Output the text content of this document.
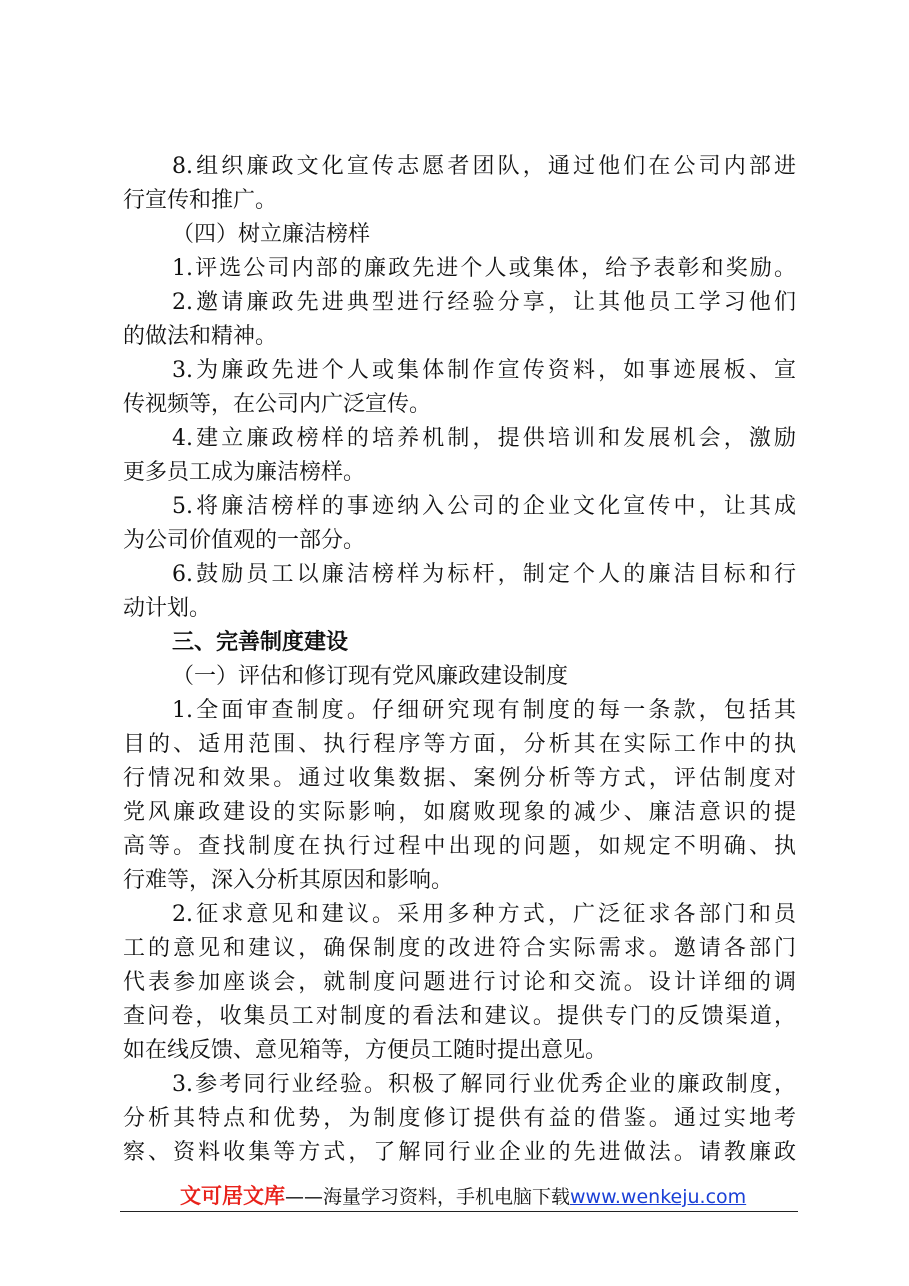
8.组织廉政文化宣传志愿者团队，通过他们在公司内部进
行宣传和推广。
（四）树立廉洁榜样
1.评选公司内部的廉政先进个人或集体，给予表彰和奖励。
2.邀请廉政先进典型进行经验分享，让其他员工学习他们
的做法和精神。
3.为廉政先进个人或集体制作宣传资料，如事迹展板、宣
传视频等，在公司内广泛宣传。
4.建立廉政榜样的培养机制，提供培训和发展机会，激励
更多员工成为廉洁榜样。
5.将廉洁榜样的事迹纳入公司的企业文化宣传中，让其成
为公司价值观的一部分。
6.鼓励员工以廉洁榜样为标杆，制定个人的廉洁目标和行
动计划。
三、完善制度建设
（一）评估和修订现有党风廉政建设制度
1.全面审查制度。仔细研究现有制度的每一条款，包括其
目的、适用范围、执行程序等方面，分析其在实际工作中的执
行情况和效果。通过收集数据、案例分析等方式，评估制度对
党风廉政建设的实际影响，如腐败现象的减少、廉洁意识的提
高等。查找制度在执行过程中出现的问题，如规定不明确、执
行难等，深入分析其原因和影响。
2.征求意见和建议。采用多种方式，广泛征求各部门和员
工的意见和建议，确保制度的改进符合实际需求。邀请各部门
代表参加座谈会，就制度问题进行讨论和交流。设计详细的调
查问卷，收集员工对制度的看法和建议。提供专门的反馈渠道，
如在线反馈、意见箱等，方便员工随时提出意见。
3.参考同行业经验。积极了解同行业优秀企业的廉政制度，
分析其特点和优势，为制度修订提供有益的借鉴。通过实地考
察、资料收集等方式，了解同行业企业的先进做法。请教廉政
文可居文库——海量学习资料，手机电脑下载www.wenkeju.com
